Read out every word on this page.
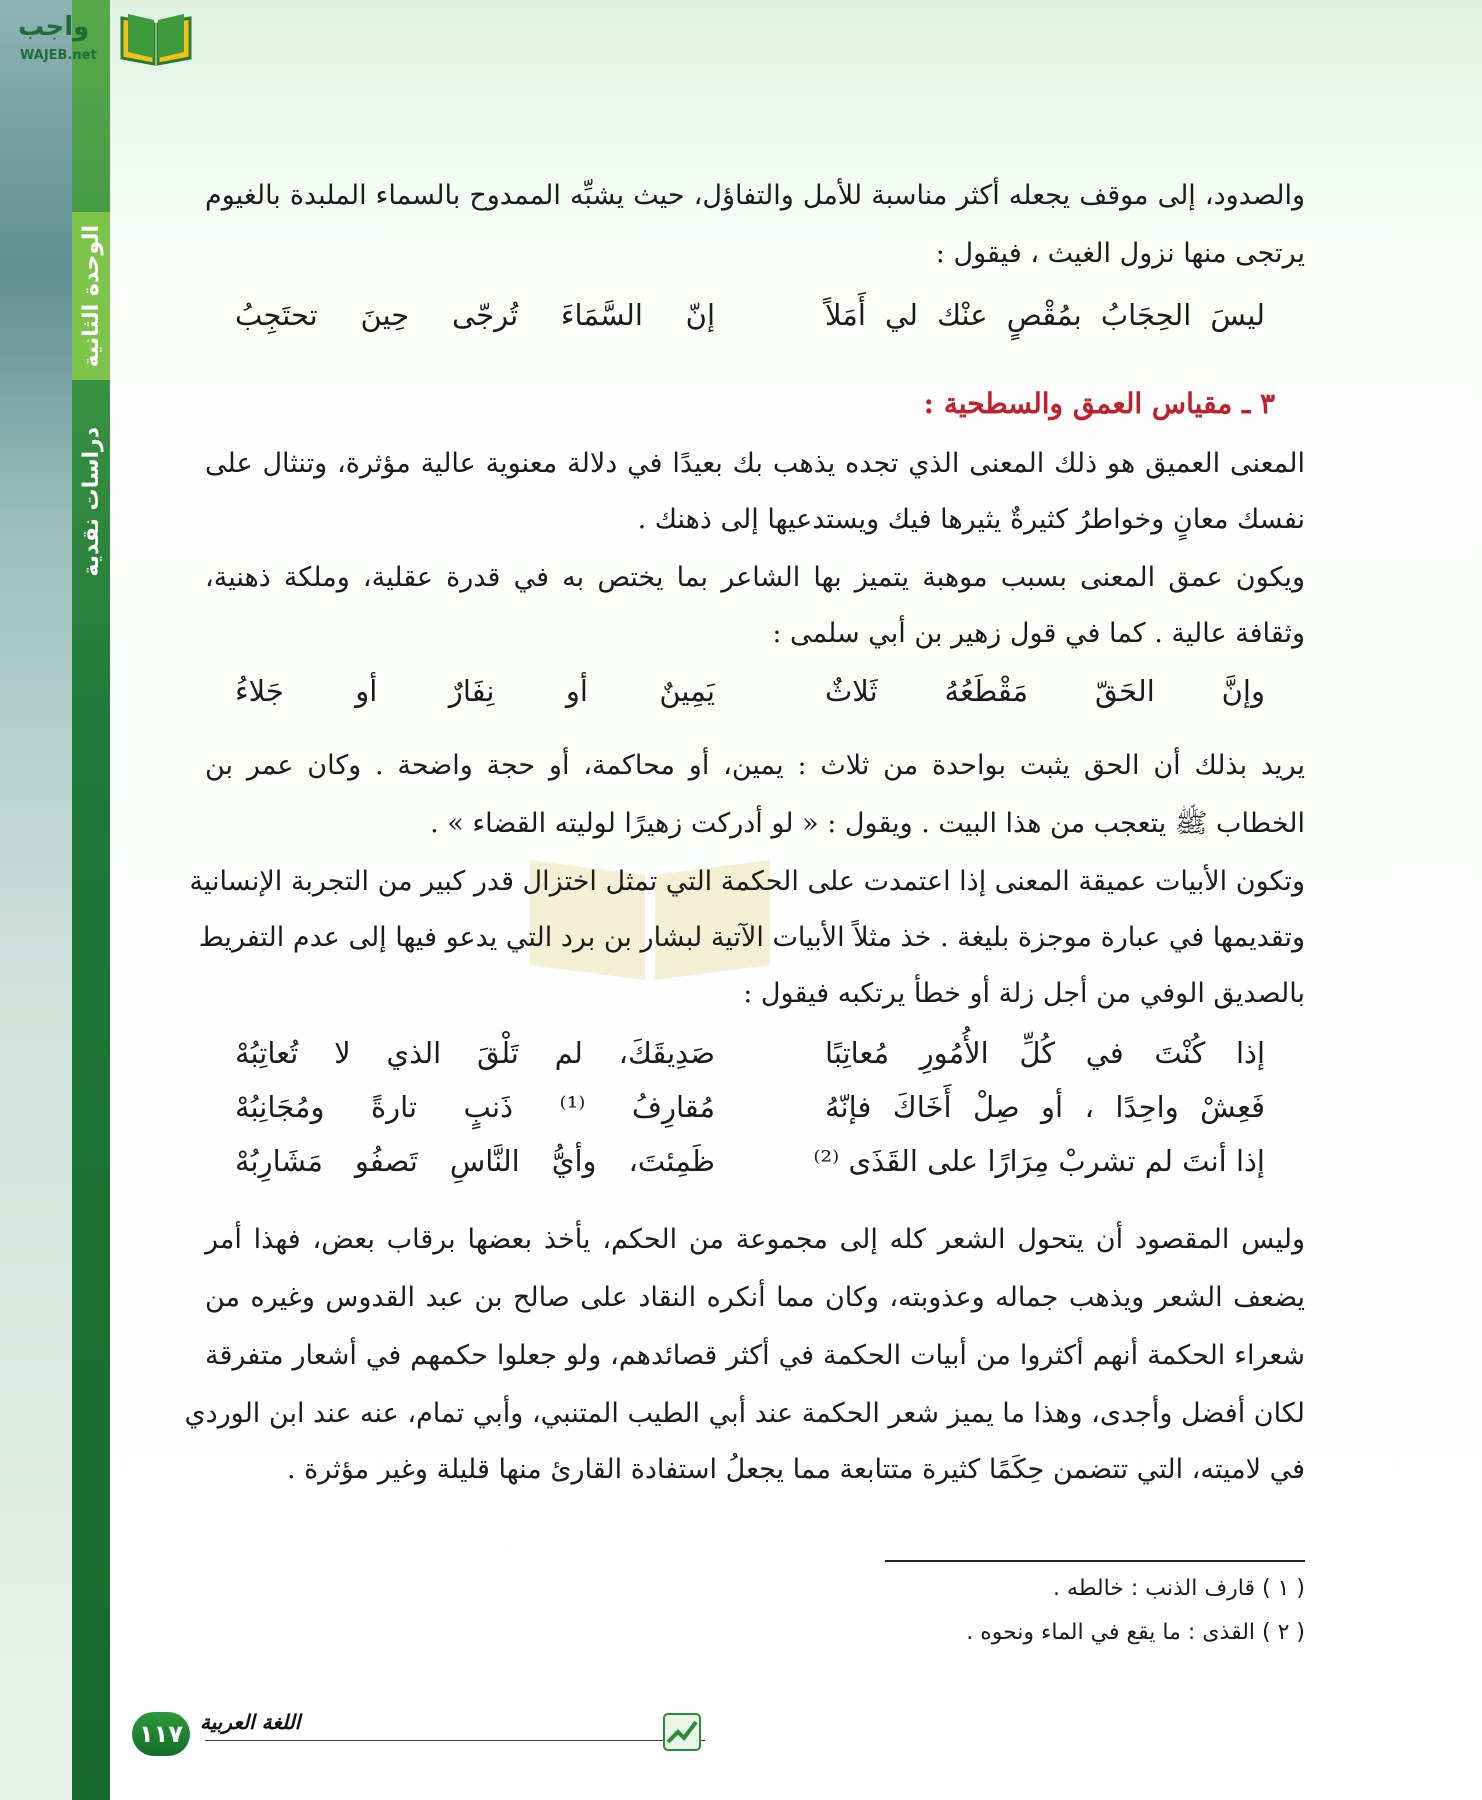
الوحدة الثانية
دراسات نقدية
واجب
WAJEB.net
والصدود، إلى موقف يجعله أكثر مناسبة للأمل والتفاؤل، حيث يشبِّه الممدوح بالسماء الملبدة بالغيوم
يرتجى منها نزول الغيث ، فيقول :
ليسَ الحِجَابُ بمُقْصٍ عنْك لي أَمَلاً
إنّ السَّمَاءَ تُرجّى حِينَ تحتَجِبُ
٣ ـ مقياس العمق والسطحية :
المعنى العميق هو ذلك المعنى الذي تجده يذهب بك بعيدًا في دلالة معنوية عالية مؤثرة، وتنثال على
نفسك معانٍ وخواطرُ كثيرةٌ يثيرها فيك ويستدعيها إلى ذهنك .
ويكون عمق المعنى بسبب موهبة يتميز بها الشاعر بما يختص به في قدرة عقلية، وملكة ذهنية،
وثقافة عالية . كما في قول زهير بن أبي سلمى :
وإنَّ الحَقّ مَقْطَعُهُ ثَلاثٌ
يَمِينٌ أو نِفَارٌ أو جَلاءُ
يريد بذلك أن الحق يثبت بواحدة من ثلاث : يمين، أو محاكمة، أو حجة واضحة . وكان عمر بن
الخطاب ﷺ يتعجب من هذا البيت . ويقول : « لو أدركت زهيرًا لوليته القضاء » .
وتكون الأبيات عميقة المعنى إذا اعتمدت على الحكمة التي تمثل اختزال قدر كبير من التجربة الإنسانية
وتقديمها في عبارة موجزة بليغة . خذ مثلاً الأبيات الآتية لبشار بن برد التي يدعو فيها إلى عدم التفريط
بالصديق الوفي من أجل زلة أو خطأ يرتكبه فيقول :
إذا كُنْتَ في كُلِّ الأُمُورِ مُعاتِبًا
صَدِيقَكَ، لم تَلْقَ الذي لا تُعاتِبُهْ
فَعِشْ واحِدًا ، أو صِلْ أَخَاكَ فإنّهُ
مُقارِفُ ⁽¹⁾ ذَنبٍ تارةً ومُجَانِبُهْ
إذا أنتَ لم تشربْ مِرَارًا على القَذَى ⁽²⁾
ظَمِئتَ، وأيُّ النَّاسِ تَصفُو مَشَارِبُهْ
وليس المقصود أن يتحول الشعر كله إلى مجموعة من الحكم، يأخذ بعضها برقاب بعض، فهذا أمر
يضعف الشعر ويذهب جماله وعذوبته، وكان مما أنكره النقاد على صالح بن عبد القدوس وغيره من
شعراء الحكمة أنهم أكثروا من أبيات الحكمة في أكثر قصائدهم، ولو جعلوا حكمهم في أشعار متفرقة
لكان أفضل وأجدى، وهذا ما يميز شعر الحكمة عند أبي الطيب المتنبي، وأبي تمام، عنه عند ابن الوردي
في لاميته، التي تتضمن حِكَمًا كثيرة متتابعة مما يجعلُ استفادة القارئ منها قليلة وغير مؤثرة .
( ١ ) قارف الذنب : خالطه .
( ٢ ) القذى : ما يقع في الماء ونحوه .
١١٧ اللغة العربية
